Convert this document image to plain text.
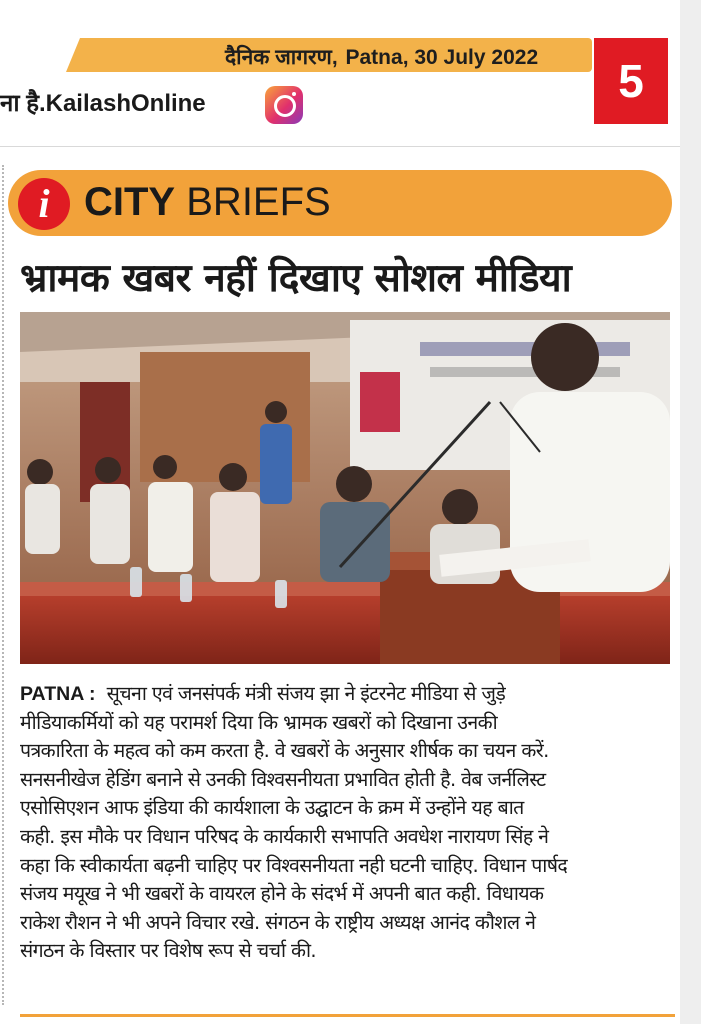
दैनिक जागरण, Patna, 30 July 2022	5
ना है.KailashOnline
i CITY BRIEFS
भ्रामक खबर नहीं दिखाए सोशल मीडिया
PATNA : सूचना एवं जनसंपर्क मंत्री संजय झा ने इंटरनेट मीडिया से जुड़े
मीडियाकर्मियों को यह परामर्श दिया कि भ्रामक खबरों को दिखाना उनकी
पत्रकारिता के महत्व को कम करता है. वे खबरों के अनुसार शीर्षक का चयन करें.
सनसनीखेज हेडिंग बनाने से उनकी विश्वसनीयता प्रभावित होती है. वेब जर्नलिस्ट
एसोसिएशन आफ इंडिया की कार्यशाला के उद्घाटन के क्रम में उन्होंने यह बात
कही. इस मौके पर विधान परिषद के कार्यकारी सभापति अवधेश नारायण सिंह ने
कहा कि स्वीकार्यता बढ़नी चाहिए पर विश्वसनीयता नही घटनी चाहिए. विधान पार्षद
संजय मयूख ने भी खबरों के वायरल होने के संदर्भ में अपनी बात कही. विधायक
राकेश रौशन ने भी अपने विचार रखे. संगठन के राष्ट्रीय अध्यक्ष आनंद कौशल ने
संगठन के विस्तार पर विशेष रूप से चर्चा की.
